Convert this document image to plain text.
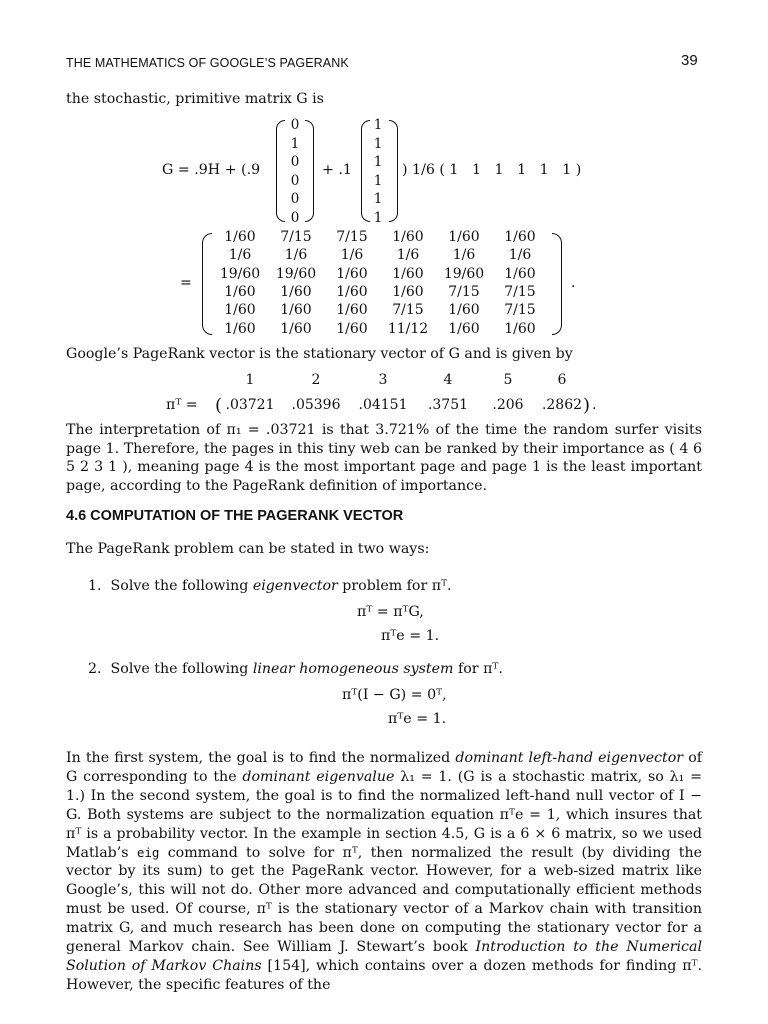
THE MATHEMATICS OF GOOGLE’S PAGERANK	39
the stochastic, primitive matrix G is
G = .9H + (.9
0
1
0
0
0
0
+ .1
1
1
1
1
1
1
) 1/6 ( 1   1   1   1   1   1 )
=
1/60	7/15	7/15	1/60	1/60	1/60
1/6	1/6	1/6	1/6	1/6	1/6
19/60	19/60	1/60	1/60	19/60	1/60
1/60	1/60	1/60	1/60	7/15	7/15
1/60	1/60	1/60	7/15	1/60	7/15
1/60	1/60	1/60	11/12	1/60	1/60
.
Google’s PageRank vector is the stationary vector of G and is given by
πᵀ =
1	2	3	4	5	6
( .03721 .05396 .04151	.3751	.206	.2862 ) .
The interpretation of π₁ = .03721 is that 3.721% of the time the random surfer visits page 1. Therefore, the pages in this tiny web can be ranked by their importance as ( 4 6 5 2 3 1 ), meaning page 4 is the most important page and page 1 is the least important page, according to the PageRank definition of importance.
4.6 COMPUTATION OF THE PAGERANK VECTOR
The PageRank problem can be stated in two ways:
1.  Solve the following eigenvector problem for πᵀ.
πᵀ = πᵀG,
πᵀe = 1.
2.  Solve the following linear homogeneous system for πᵀ.
πᵀ(I − G) = 0ᵀ,
πᵀe = 1.
In the first system, the goal is to find the normalized dominant left-hand eigenvector of G corresponding to the dominant eigenvalue λ₁ = 1. (G is a stochastic matrix, so λ₁ = 1.) In the second system, the goal is to find the normalized left-hand null vector of I − G. Both systems are subject to the normalization equation πᵀe = 1, which insures that πᵀ is a probability vector. In the example in section 4.5, G is a 6 × 6 matrix, so we used Matlab’s eig command to solve for πᵀ, then normalized the result (by dividing the vector by its sum) to get the PageRank vector. However, for a web-sized matrix like Google’s, this will not do. Other more advanced and computationally efficient methods must be used. Of course, πᵀ is the stationary vector of a Markov chain with transition matrix G, and much research has been done on computing the stationary vector for a general Markov chain. See William J. Stewart’s book Introduction to the Numerical Solution of Markov Chains [154], which contains over a dozen methods for finding πᵀ. However, the specific features of the
